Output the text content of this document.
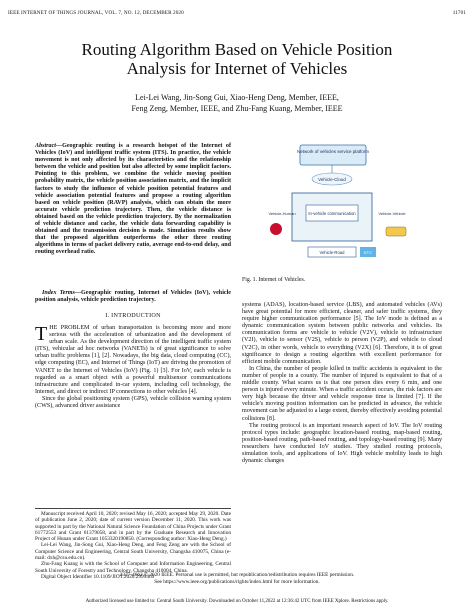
IEEE INTERNET OF THINGS JOURNAL, VOL. 7, NO. 12, DECEMBER 2020	11701
Routing Algorithm Based on Vehicle Position
Analysis for Internet of Vehicles
Lei-Lei Wang, Jin-Song Gui, Xiao-Heng Deng, Member, IEEE,
Feng Zeng, Member, IEEE, and Zhu-Fang Kuang, Member, IEEE

Abstract—Geographic routing is a research hotspot of the Internet of Vehicles (IoV) and intelligent traffic system (ITS). In practice, the vehicle movement is not only affected by its characteristics and the relationship between the vehicle and position but also affected by some implicit factors. Pointing to this problem, we combine the vehicle moving position probability matrix, the vehicle position association matrix, and the implicit factors to study the influence of vehicle position potential features and vehicle association potential features and propose a routing algorithm based on vehicle position (RAVP) analysis, which can obtain the more accurate vehicle prediction trajectory. Then, the vehicle distance is obtained based on the vehicle prediction trajectory. By the normalization of vehicle distance and cache, the vehicle data forwarding capability is obtained and the transmission decision is made. Simulation results show that the proposed algorithm outperforms the other three routing algorithms in terms of packet delivery ratio, average end-to-end delay, and routing overhead ratio.

Index Terms—Geographic routing, Internet of Vehicles (IoV), vehicle position analysis, vehicle prediction trajectory.

I. INTRODUCTION

THE PROBLEM of urban transportation is becoming more and more serious with the acceleration of urbanization and the development of urban scale. As the development direction of the intelligent traffic system (ITS), vehicular ad hoc networks (VANETs) is of great significance to solve urban traffic problems [1], [2]. Nowadays, the big data, cloud computing (CC), edge computing (EC), and Internet of Things (IoT) are driving the promotion of VANET to the Internet of Vehicles (IoV) (Fig. 1) [3]. For IoV, each vehicle is regarded as a smart object with a powerful multisensor communications infrastructure and complicated in-car system, including cell technology, the Internet, and direct or indirect IP connections to other vehicles [4].

Since the global positioning system (GPS), vehicle collision warning system (CWS), advanced driver assistance

Manuscript received April 10, 2020; revised May 16, 2020; accepted May 29, 2020. Date of publication June 2, 2020; date of current version December 11, 2020. This work was supported in part by the National Natural Science Foundation of China Projects under Grant 61772553 and Grant 61379058, and in part by the Graduate Research and Innovation Project of Hunan under Grant 1053320190850. (Corresponding author: Xiao-Heng Deng.)

Lei-Lei Wang, Jin-Song Gui, Xiao-Heng Deng, and Feng Zeng are with the School of Computer Science and Engineering, Central South University, Changsha 410075, China (e-mail: dxh@csu.edu.cn).

Zhu-Fang Kuang is with the School of Computer and Information Engineering, Central South University of Forestry and Technology, Changsha 410004, China.

Digital Object Identifier 10.1109/JIOT.2020.2999469

Network of vehicles service platform
Vehicle-Cloud
In-vehicle communication
Vehicle-Human	Vehicle-Vehicle
Vehicle-Road	ETC
Fig. 1. Internet of Vehicles.

systems (ADAS), location-based service (LBS), and automated vehicles (AVs) have great potential for more efficient, cleaner, and safer traffic systems, they require higher communication performance [5]. The IoV mode is defined as a dynamic communication system between public networks and vehicles. Its communication forms are vehicle to vehicle (V2V), vehicle to infrastructure (V2I), vehicle to sensor (V2S), vehicle to person (V2P), and vehicle to cloud (V2C), in other words, vehicle to everything (V2X) [6]. Therefore, it is of great significance to design a routing algorithm with excellent performance for efficient mobile communication.

In China, the number of people killed in traffic accidents is equivalent to the number of people in a county. The number of injured is equivalent to that of a middle county. What scares us is that one person dies every 6 min, and one person is injured every minute. When a traffic accident occurs, the risk factors are very high because the driver and vehicle response time is limited [7]. If the vehicle's moving position information can be predicted in advance, the vehicle movement can be adjusted to a large extent, thereby effectively avoiding potential collisions [8].

The routing protocol is an important research aspect of IoV. The IoV routing protocol types include: geographic location-based routing, map-based routing, position-based routing, path-based routing, and topology-based routing [9]. Many researchers have conducted IoV studies. They studied routing protocols, simulation tools, and applications of IoV. High vehicle mobility leads to high dynamic changes

2327-4662 © 2020 IEEE. Personal use is permitted, but republication/redistribution requires IEEE permission.
See https://www.ieee.org/publications/rights/index.html for more information.
Authorized licensed use limited to: Central South University. Downloaded on October 11,2022 at 12:36:42 UTC from IEEE Xplore. Restrictions apply.
